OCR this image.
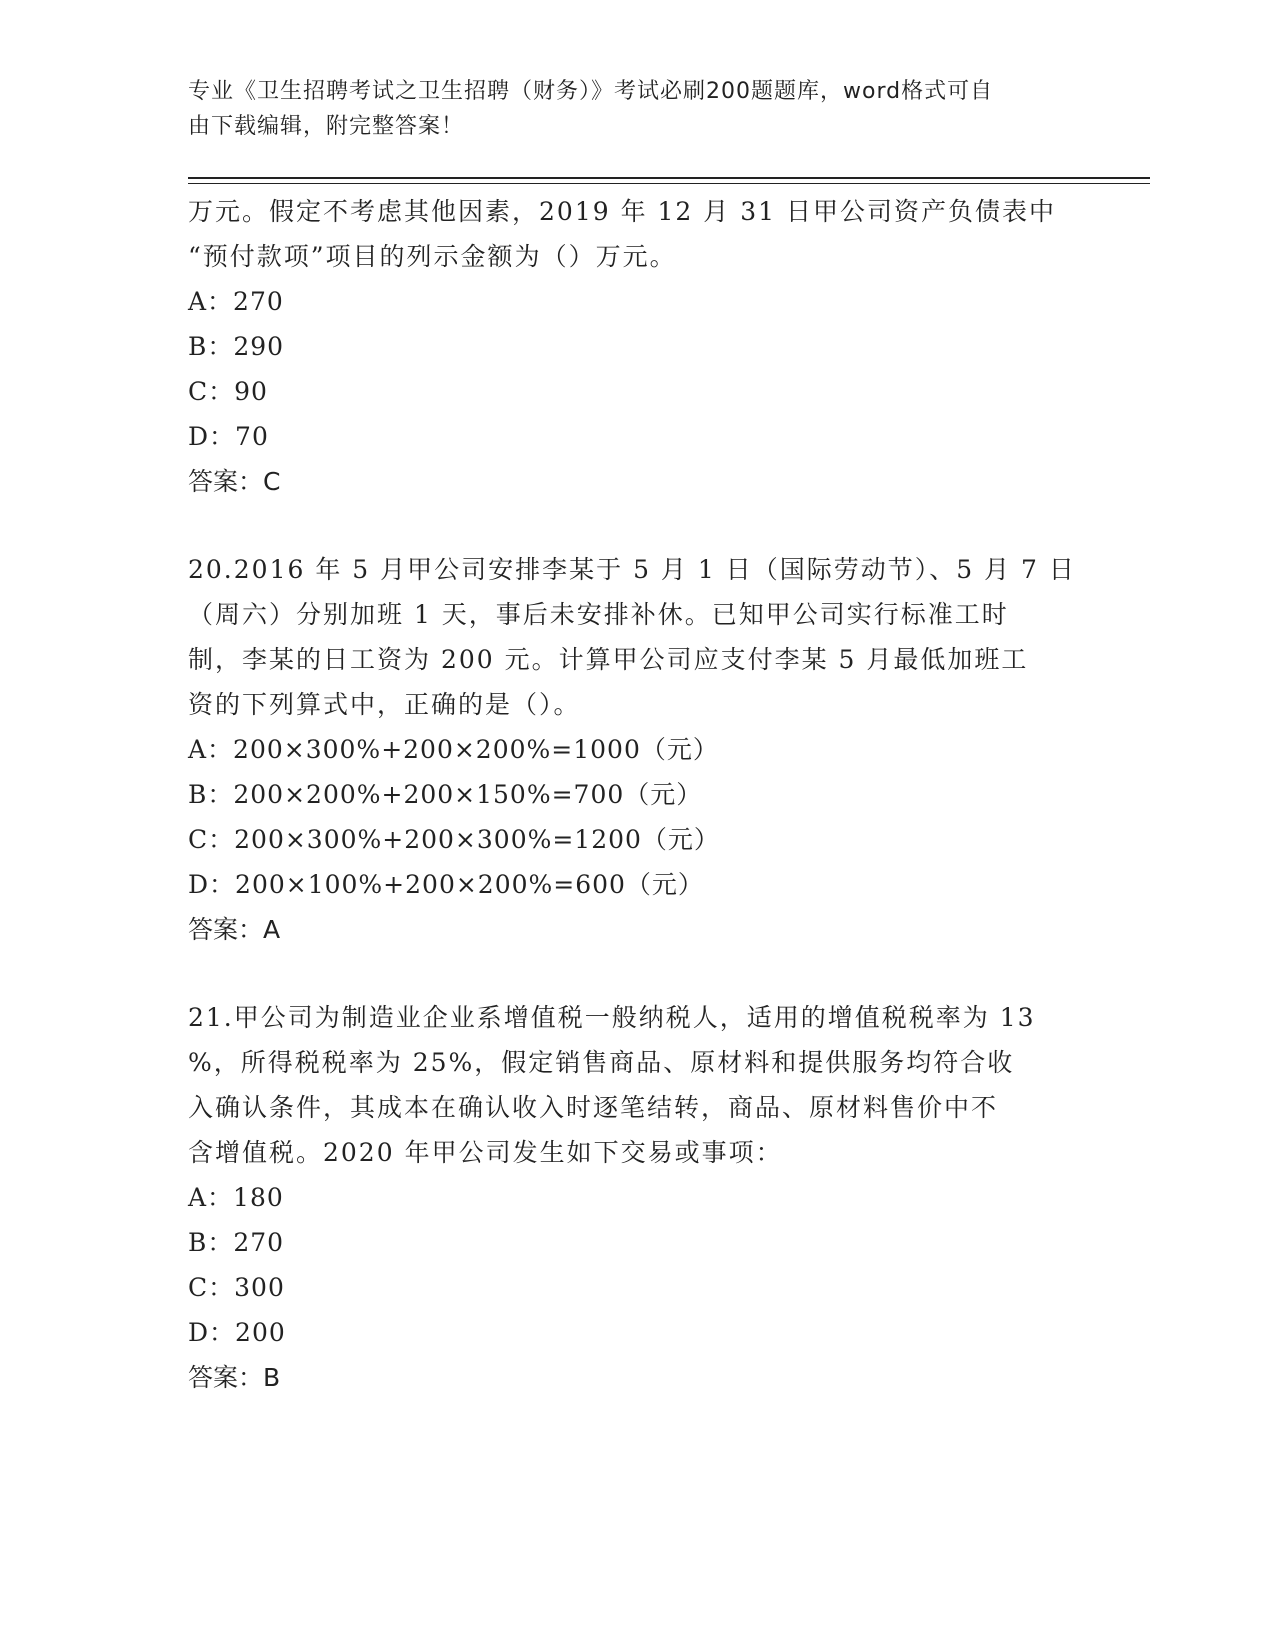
专业《卫生招聘考试之卫生招聘（财务）》考试必刷200题题库，word格式可自
由下载编辑，附完整答案！
万元。假定不考虑其他因素，2019 年 12 月 31 日甲公司资产负债表中
“预付款项”项目的列示金额为（）万元。
A：270
B：290
C：90
D：70
答案：C
20.2016 年 5 月甲公司安排李某于 5 月 1 日（国际劳动节）、5 月 7 日
（周六）分别加班 1 天，事后未安排补休。已知甲公司实行标准工时
制，李某的日工资为 200 元。计算甲公司应支付李某 5 月最低加班工
资的下列算式中，正确的是（）。
A：200×300%+200×200%=1000（元）
B：200×200%+200×150%=700（元）
C：200×300%+200×300%=1200（元）
D：200×100%+200×200%=600（元）
答案：A
21.甲公司为制造业企业系增值税一般纳税人，适用的增值税税率为 13
%，所得税税率为 25%，假定销售商品、原材料和提供服务均符合收
入确认条件，其成本在确认收入时逐笔结转，商品、原材料售价中不
含增值税。2020 年甲公司发生如下交易或事项：
A：180
B：270
C：300
D：200
答案：B
